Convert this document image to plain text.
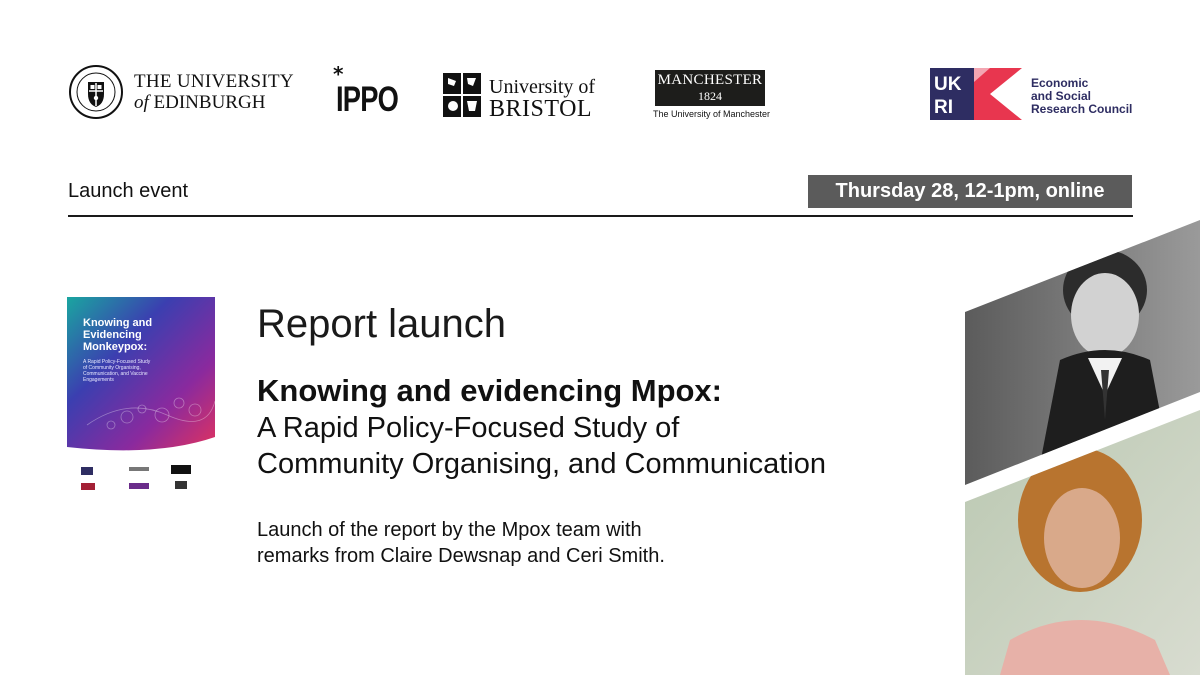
THE UNIVERSITY
of EDINBURGH
*
IPPO	University of
BRISTOL
MANCHESTER
1824
The University of Manchester
UK
RI
Economic
and Social
Research Council
Launch event	Thursday 28, 12-1pm, online
Knowing and
Evidencing
Monkeypox:
A Rapid Policy-Focused Study
of Community Organising,
Communication, and Vaccine
Engagements
Report launch
Knowing and evidencing Mpox:
A Rapid Policy-Focused Study of
Community Organising, and Communication
Launch of the report by the Mpox team with
remarks from Claire Dewsnap and Ceri Smith.
